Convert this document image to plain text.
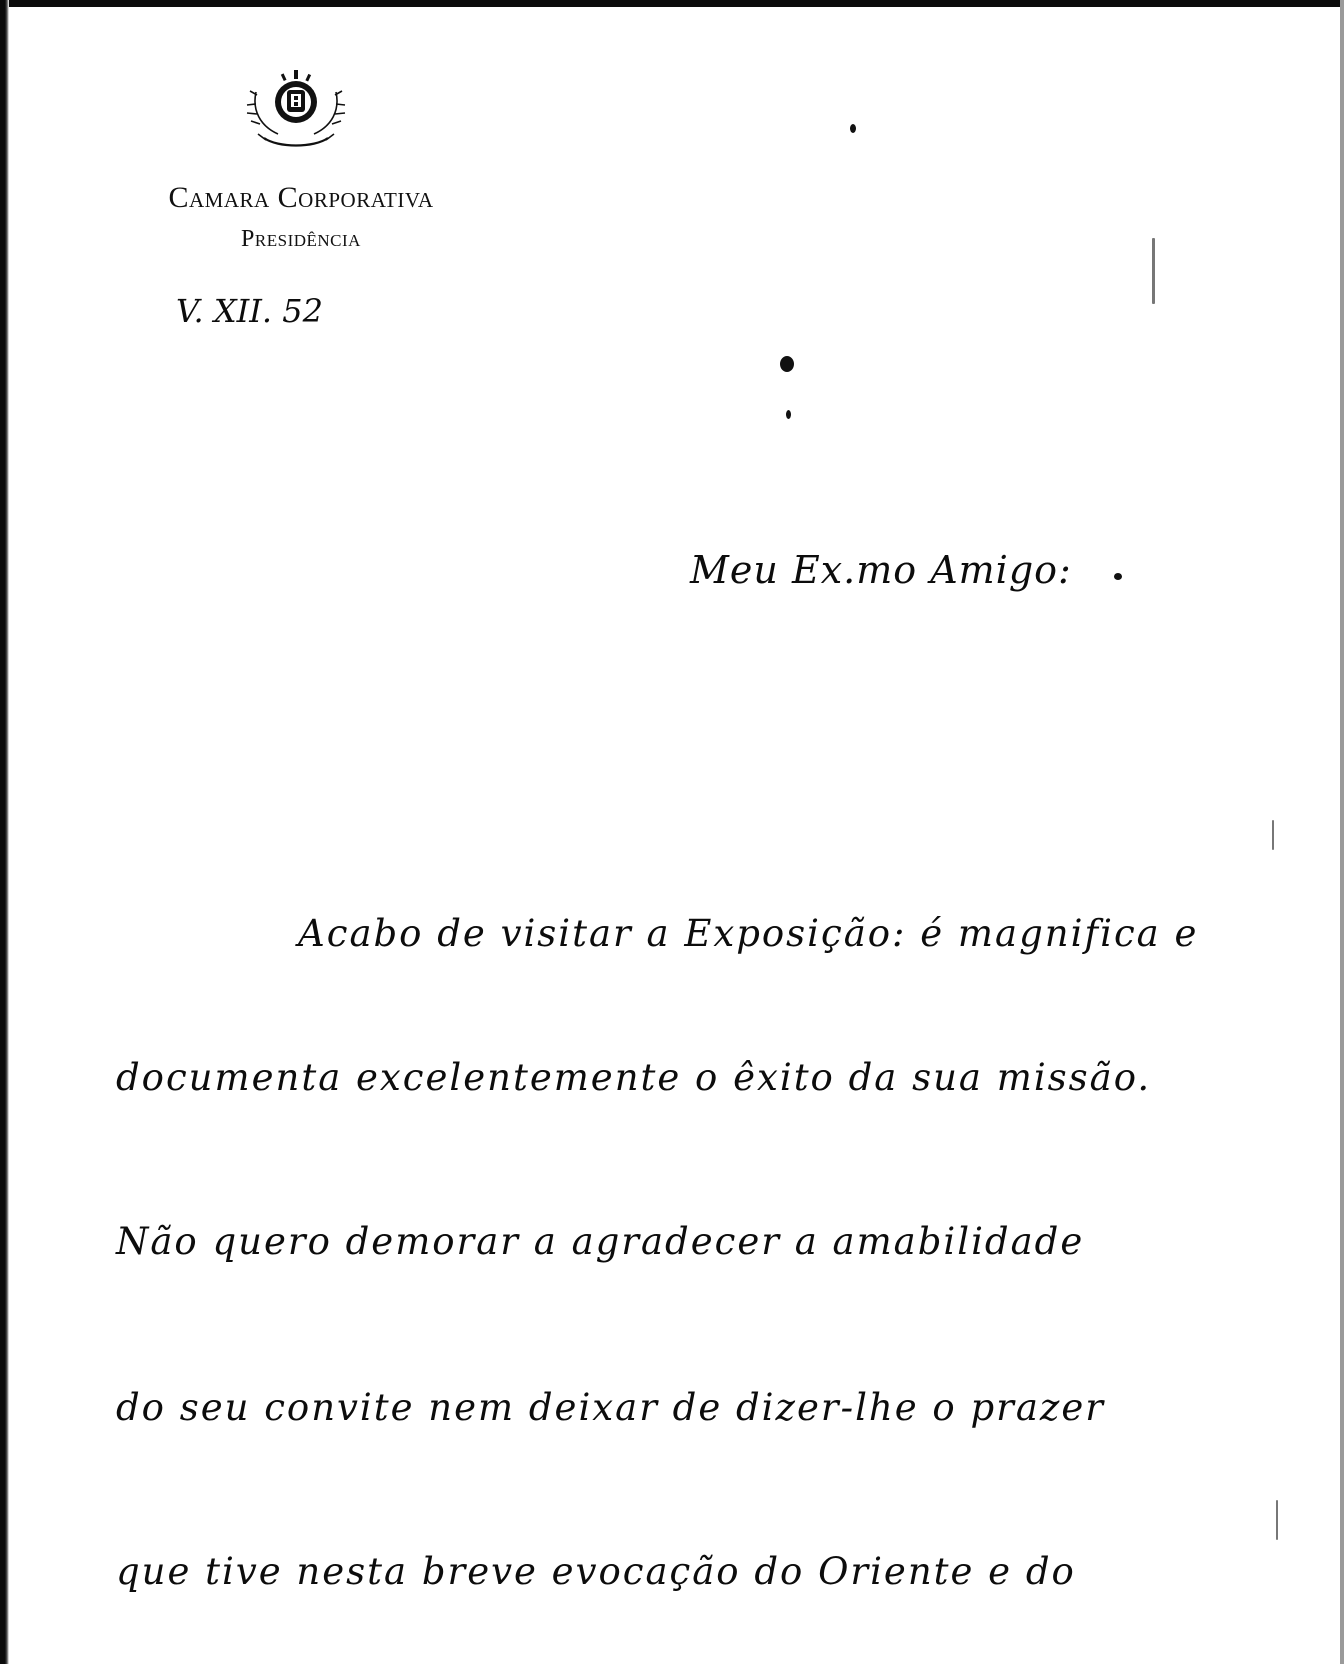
Camara Corporativa
Presidência
V. XII. 52
Meu Ex.mo Amigo:
Acabo de visitar a Exposição: é magnifica e
documenta excelentemente o êxito da sua missão.
Não quero demorar a agradecer a amabilidade
do seu convite nem deixar de dizer-lhe o prazer
que tive nesta breve evocação do Oriente e do
